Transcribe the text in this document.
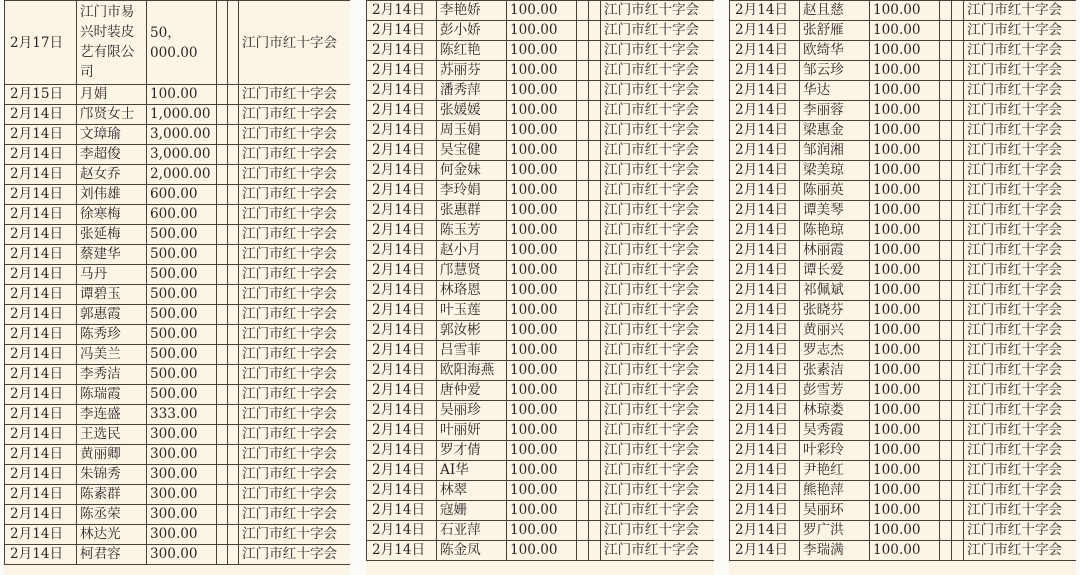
2月17日	江门市易兴时装皮艺有限公司	50，000.00			江门市红十字会
2月15日	月娟	100.00			江门市红十字会
2月14日	邝贤女士	1,000.00			江门市红十字会
2月14日	文璋瑜	3,000.00			江门市红十字会
2月14日	李超俊	3,000.00			江门市红十字会
2月14日	赵女乔	2,000.00			江门市红十字会
2月14日	刘伟雄	600.00			江门市红十字会
2月14日	徐寒梅	600.00			江门市红十字会
2月14日	张延梅	500.00			江门市红十字会
2月14日	蔡建华	500.00			江门市红十字会
2月14日	马丹	500.00			江门市红十字会
2月14日	谭碧玉	500.00			江门市红十字会
2月14日	郭惠霞	500.00			江门市红十字会
2月14日	陈秀珍	500.00			江门市红十字会
2月14日	冯美兰	500.00			江门市红十字会
2月14日	李秀洁	500.00			江门市红十字会
2月14日	陈瑞霞	500.00			江门市红十字会
2月14日	李连盛	333.00			江门市红十字会
2月14日	王选民	300.00			江门市红十字会
2月14日	黄丽卿	300.00			江门市红十字会
2月14日	朱锦秀	300.00			江门市红十字会
2月14日	陈素群	300.00			江门市红十字会
2月14日	陈丞荣	300.00			江门市红十字会
2月14日	林达光	300.00			江门市红十字会
2月14日	柯君容	300.00			江门市红十字会
2月14日	李艳娇	100.00			江门市红十字会
2月14日	彭小娇	100.00			江门市红十字会
2月14日	陈红艳	100.00			江门市红十字会
2月14日	苏丽芬	100.00			江门市红十字会
2月14日	潘秀萍	100.00			江门市红十字会
2月14日	张媛媛	100.00			江门市红十字会
2月14日	周玉娟	100.00			江门市红十字会
2月14日	吴宝健	100.00			江门市红十字会
2月14日	何金妹	100.00			江门市红十字会
2月14日	李玲娟	100.00			江门市红十字会
2月14日	张惠群	100.00			江门市红十字会
2月14日	陈玉芳	100.00			江门市红十字会
2月14日	赵小月	100.00			江门市红十字会
2月14日	邝慧贤	100.00			江门市红十字会
2月14日	林珞恩	100.00			江门市红十字会
2月14日	叶玉莲	100.00			江门市红十字会
2月14日	郭汝彬	100.00			江门市红十字会
2月14日	吕雪菲	100.00			江门市红十字会
2月14日	欧阳海燕	100.00			江门市红十字会
2月14日	唐仲爱	100.00			江门市红十字会
2月14日	吴丽珍	100.00			江门市红十字会
2月14日	叶丽妍	100.00			江门市红十字会
2月14日	罗才倩	100.00			江门市红十字会
2月14日	AI华	100.00			江门市红十字会
2月14日	林翠	100.00			江门市红十字会
2月14日	寇姗	100.00			江门市红十字会
2月14日	石亚萍	100.00			江门市红十字会
2月14日	陈金凤	100.00			江门市红十字会
2月14日	赵且慈	100.00			江门市红十字会
2月14日	张舒雁	100.00			江门市红十字会
2月14日	欧绮华	100.00			江门市红十字会
2月14日	邹云珍	100.00			江门市红十字会
2月14日	华达	100.00			江门市红十字会
2月14日	李丽蓉	100.00			江门市红十字会
2月14日	梁惠金	100.00			江门市红十字会
2月14日	邹润湘	100.00			江门市红十字会
2月14日	梁美琼	100.00			江门市红十字会
2月14日	陈丽英	100.00			江门市红十字会
2月14日	谭美琴	100.00			江门市红十字会
2月14日	陈艳琼	100.00			江门市红十字会
2月14日	林丽霞	100.00			江门市红十字会
2月14日	谭长爱	100.00			江门市红十字会
2月14日	祁佩斌	100.00			江门市红十字会
2月14日	张晓芬	100.00			江门市红十字会
2月14日	黄丽兴	100.00			江门市红十字会
2月14日	罗志杰	100.00			江门市红十字会
2月14日	张素洁	100.00			江门市红十字会
2月14日	彭雪芳	100.00			江门市红十字会
2月14日	林琼娄	100.00			江门市红十字会
2月14日	吴秀霞	100.00			江门市红十字会
2月14日	叶彩玲	100.00			江门市红十字会
2月14日	尹艳红	100.00			江门市红十字会
2月14日	熊艳萍	100.00			江门市红十字会
2月14日	吴丽环	100.00			江门市红十字会
2月14日	罗广洪	100.00			江门市红十字会
2月14日	李瑞满	100.00			江门市红十字会
